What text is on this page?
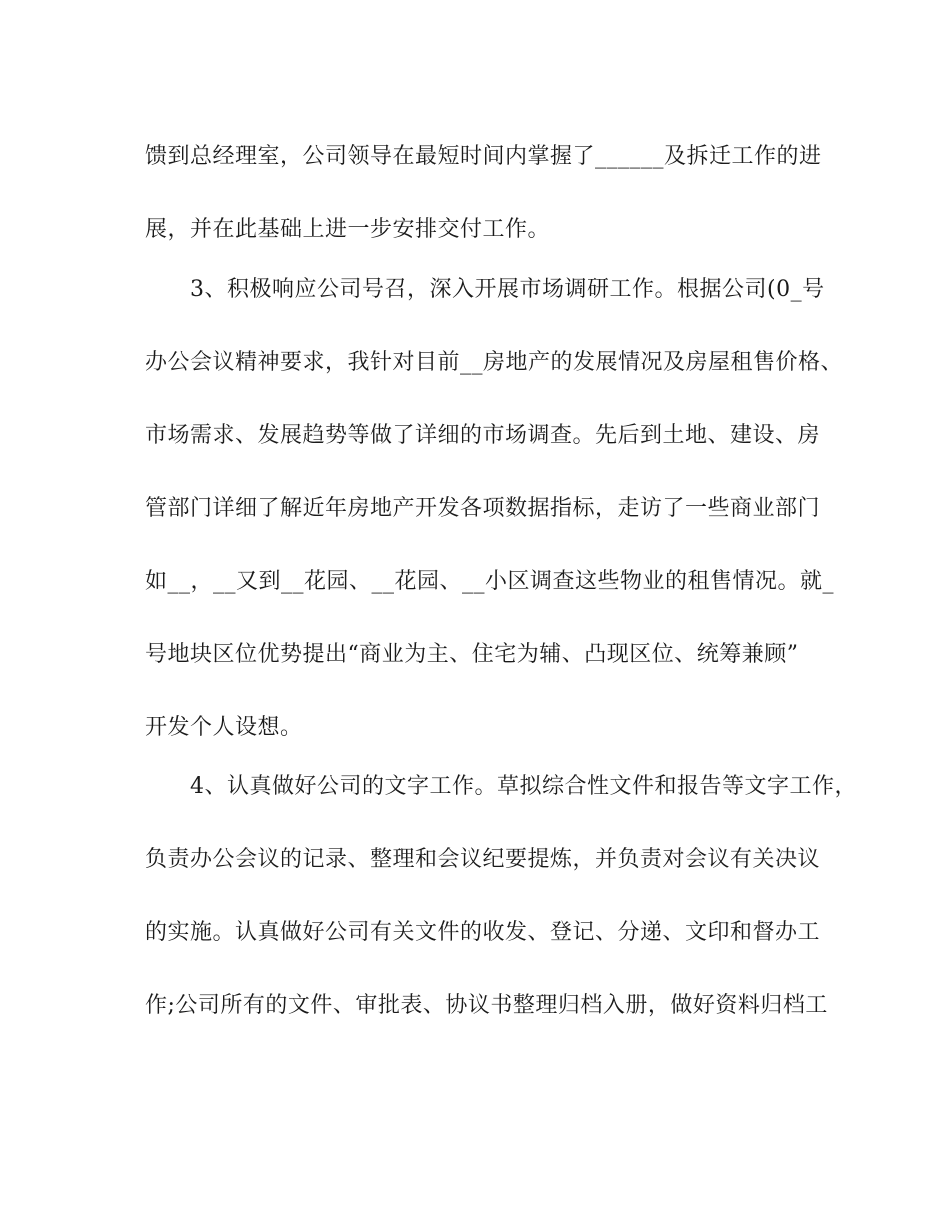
馈到总经理室，公司领导在最短时间内掌握了______及拆迁工作的进
展，并在此基础上进一步安排交付工作。
　　3、积极响应公司号召，深入开展市场调研工作。根据公司(0_号
办公会议精神要求，我针对目前__房地产的发展情况及房屋租售价格、
市场需求、发展趋势等做了详细的市场调查。先后到土地、建设、房
管部门详细了解近年房地产开发各项数据指标，走访了一些商业部门
如__，__又到__花园、__花园、__小区调查这些物业的租售情况。就_
号地块区位优势提出“商业为主、住宅为辅、凸现区位、统筹兼顾”
开发个人设想。
　　4、认真做好公司的文字工作。草拟综合性文件和报告等文字工作，
负责办公会议的记录、整理和会议纪要提炼，并负责对会议有关决议
的实施。认真做好公司有关文件的收发、登记、分递、文印和督办工
作;公司所有的文件、审批表、协议书整理归档入册，做好资料归档工
